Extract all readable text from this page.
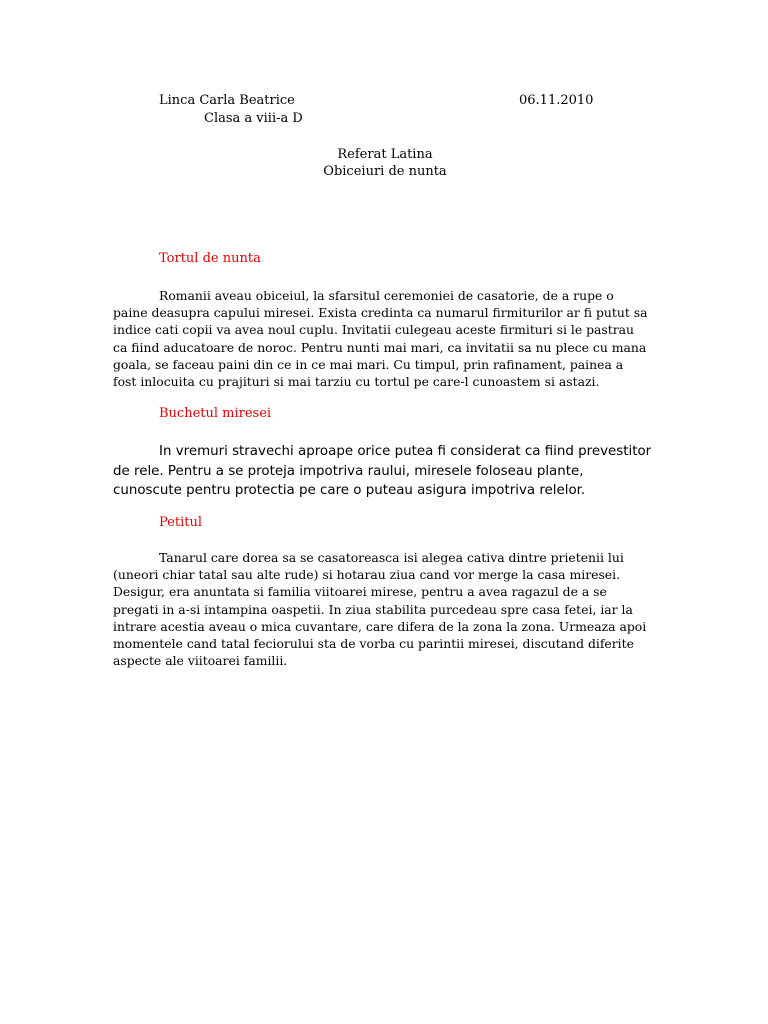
Linca Carla Beatrice	06.11.2010
Clasa a viii-a D
Referat Latina
Obiceiuri de nunta
Tortul de nunta

Romanii aveau obiceiul, la sfarsitul ceremoniei de casatorie, de a rupe o paine deasupra capului miresei. Exista credinta ca numarul firmiturilor ar fi putut sa indice cati copii va avea noul cuplu. Invitatii culegeau aceste firmituri si le pastrau ca fiind aducatoare de noroc. Pentru nunti mai mari, ca invitatii sa nu plece cu mana goala, se faceau paini din ce in ce mai mari. Cu timpul, prin rafinament, painea a fost inlocuita cu prajituri si mai tarziu cu tortul pe care-l cunoastem si astazi.

Buchetul miresei

In vremuri stravechi aproape orice putea fi considerat ca fiind prevestitor de rele. Pentru a se proteja impotriva raului, miresele foloseau plante, cunoscute pentru protectia pe care o puteau asigura impotriva relelor.

Petitul

Tanarul care dorea sa se casatoreasca isi alegea cativa dintre prietenii lui (uneori chiar tatal sau alte rude) si hotarau ziua cand vor merge la casa miresei. Desigur, era anuntata si familia viitoarei mirese, pentru a avea ragazul de a se pregati in a-si intampina oaspetii. In ziua stabilita purcedeau spre casa fetei, iar la intrare acestia aveau o mica cuvantare, care difera de la zona la zona. Urmeaza apoi momentele cand tatal feciorului sta de vorba cu parintii miresei, discutand diferite aspecte ale viitoarei familii.
